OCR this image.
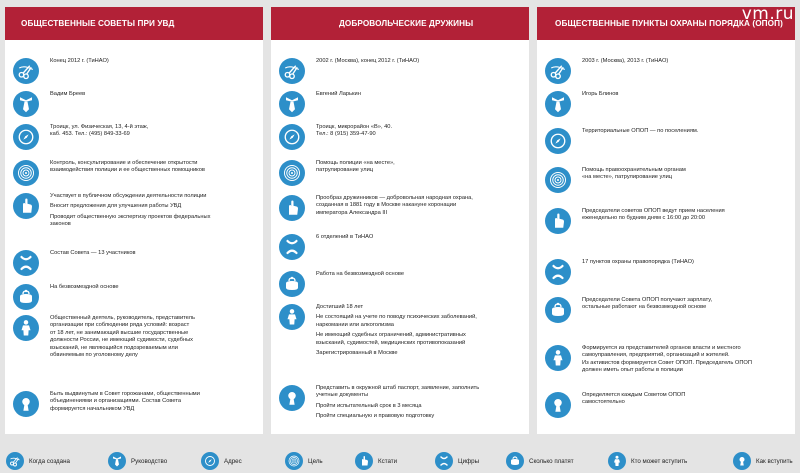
vm.ru
ОБЩЕСТВЕННЫЕ СОВЕТЫ ПРИ УВД
Конец 2012 г. (ТиНАО)
Вадим Бреев
Троицк, ул. Физическая, 13, 4-й этаж,
каб. 453. Тел.: (495) 849-33-69
Контроль, консультирование и обеспечение открытости
взаимодействия полиции и ее общественных помощников

Участвует в публичном обсуждении деятельности полиции

Вносит предложения для улучшения работы УВД

Проводит общественную экспертизу проектов федеральных
законов

Состав Совета — 13 участников
На безвозмездной основе
Общественный деятель, руководитель, представитель
организации при соблюдении ряда условий: возраст
от 18 лет, не занимающий высшие государственные
должности России, не имеющий судимости, судебных
взысканий, не являющийся подозреваемым или
обвиняемым по уголовному делу
Быть выдвинутым в Совет горожанами, общественными
объединениями и организациями. Состав Совета
формируется начальником УВД
ДОБРОВОЛЬЧЕСКИЕ ДРУЖИНЫ
2002 г. (Москва), конец 2012 г. (ТиНАО)
Евгений Ларькин
Троицк, микрорайон «В», 40.
Тел.: 8 (915) 359-47-90
Помощь полиции «на месте»,
патрулирование улиц
Прообраз дружинников — добровольная народная охрана,
созданная в 1881 году в Москве накануне коронации
императора Александра III
6 отделений в ТиНАО
Работа на безвозмездной основе

Достигший 18 лет

Не состоящий на учете по поводу психических заболеваний,
наркомании или алкоголизма

Не имеющий судебных ограничений, административных
взысканий, судимостей, медицинских противопоказаний

Зарегистрированный в Москве

Представить в окружной штаб паспорт, заявление, заполнить
учетные документы

Пройти испытательный срок в 3 месяца

Пройти специальную и правовую подготовку

ОБЩЕСТВЕННЫЕ ПУНКТЫ ОХРАНЫ ПОРЯДКА (ОПОП)
2003 г. (Москва), 2013 г. (ТиНАО)
Игорь Блинов
Территориальные ОПОП — по поселениям.
Помощь правоохранительным органам
«на месте», патрулирование улиц
Председатели советов ОПОП ведут прием населения
еженедельно по будним дням с 16:00 до 20:00
17 пунктов охраны правопорядка (ТиНАО)
Председатели Совета ОПОП получают зарплату,
остальные работают на безвозмездной основе
Формируется из представителей органов власти и местного
самоуправления, предприятий, организаций и жителей.
Из активистов формируется Совет ОПОП. Председатель ОПОП
должен иметь опыт работы в полиции
Определяется каждым Советом ОПОП
самостоятельно
Когда создана	Руководство	Адрес	Цель	Кстати	Цифры	Сколько платят	Кто может вступить	Как вступить
